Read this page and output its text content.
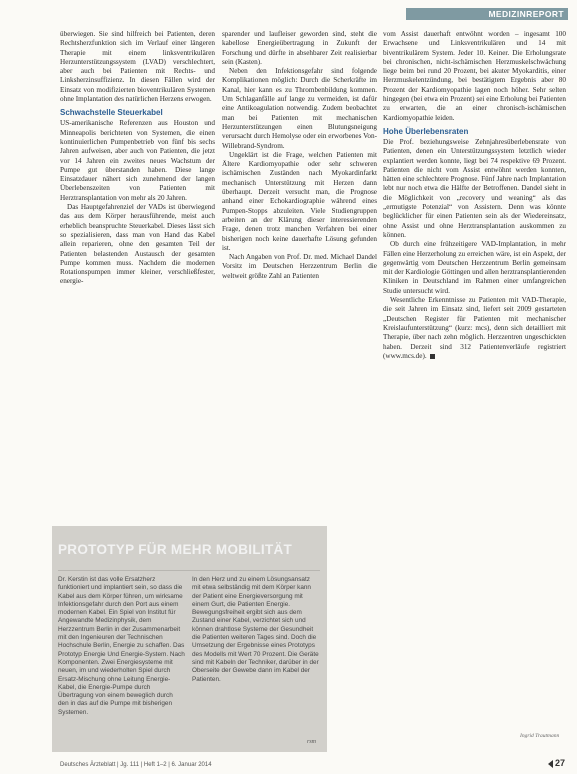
MEDIZINREPORT

überwiegen. Sie sind hilfreich bei Patienten, deren Rechtsherzfunktion sich im Verlauf einer längeren Therapie mit einem linksventrikulären Herzunterstützungssystem (LVAD) verschlechtert, aber auch bei Patienten mit Rechts- und Linksherzinsuffizienz. In diesen Fällen wird der Einsatz von modifizierten bioventrikulären Systemen ohne Implantation des natürlichen Herzens erwogen.

Schwachstelle Steuerkabel

US-amerikanische Referenzen aus Houston und Minneapolis berichteten von Systemen, die einen kontinuierlichen Pumpenbetrieb von fünf bis sechs Jahren aufweisen, aber auch von Patienten, die jetzt vor 14 Jahren ein zweites neues Wachstum der Pumpe gut überstanden haben. Diese lange Einsatzdauer nähert sich zunehmend der langen Überlebenszeiten von Patienten mit Herztransplantation von mehr als 20 Jahren.

Das Hauptgefahrenziel der VADs ist überwiegend das aus dem Körper herausführende, meist auch erheblich beanspruchte Steuerkabel. Dieses lässt sich so spezialisieren, dass man von Hand das Kabel allein reparieren, ohne den gesamten Teil der Patienten belastenden Austausch der gesamten Pumpe kommen muss. Nachdem die modernen Rotationspumpen immer kleiner, verschließfester, energie-

sparender und laufleiser geworden sind, steht die kabellose Energieübertragung in Zukunft der Forschung und dürfte in absehbarer Zeit realisierbar sein (Kasten).

Neben den Infektionsgefahr sind folgende Komplikationen möglich: Durch die Scherkräfte im Kanal, hier kann es zu Thrombenbildung kommen. Um Schlaganfälle auf lange zu vermeiden, ist dafür eine Antikoagulation notwendig. Zudem beobachtet man bei Patienten mit mechanischen Herzunterstützungen einen Blutungsneigung verursacht durch Hemolyse oder ein erworbenes Von-Willebrand-Syndrom.

Ungeklärt ist die Frage, welchen Patienten mit Ältere Kardiomyopathie oder sehr schweren ischämischen Zuständen nach Myokardinfarkt mechanisch Unterstützung mit Herzen dann überhaupt. Derzeit versucht man, die Prognose anhand einer Echokardiographie während eines Pumpen-Stopps abzuleiten. Viele Studiengruppen arbeiten an der Klärung dieser interessierenden Frage, denen trotz manchen Verfahren bei einer bisherigen noch keine dauerhafte Lösung gefunden ist.

Nach Angaben von Prof. Dr. med. Michael Dandel Vorsitz im Deutschen Herzzentrum Berlin die weltweit größte Zahl an Patienten

vom Assist dauerhaft entwöhnt worden – ingesamt 100 Erwachsene und Linksventrikulären und 14 mit biventrikulärem System. Jeder 10. Keiner. Die Erholungsrate bei chronischen, nicht-ischämischen Herzmuskelschwächung liege beim bei rund 20 Prozent, bei akuter Myokarditis, einer Herzmuskelentzündung, bei bestätigtem Ergebnis aber 80 Prozent der Kardiomyopathie lagen noch höher. Sehr selten hingegen (bei etwa ein Prozent) sei eine Erholung bei Patienten zu erwarten, die an einer chronisch-ischämischen Kardiomyopathie leiden.

Hohe Überlebensraten

Die Prof. beziehungsweise Zehnjahresüberlebensrate von Patienten, denen ein Unterstützungssystem letztlich wieder explantiert werden konnte, liegt bei 74 respektive 69 Prozent. Patienten die nicht vom Assist entwöhnt werden konnten, hätten eine schlechtere Prognose. Fünf Jahre nach Implantation lebt nur noch etwa die Hälfte der Betroffenen. Dandel sieht in die Möglichkeit von „recovery und weaning“ als das „ermutigste Potenzial“ von Assistern. Denn was könnte beglücklicher für einen Patienten sein als der Wiedereinsatz, ohne Assist und ohne Herztransplantation auskommen zu können.

Ob durch eine frühzeitigere VAD-Implantation, in mehr Fällen eine Herzerholung zu erreichen wäre, ist ein Aspekt, der gegenwärtig vom Deutschen Herzzentrum Berlin gemeinsam mit der Kardiologie Göttingen und allen herztransplantierenden Kliniken in Deutschland im Rahmen einer umfangreichen Studie untersucht wird.

Wesentliche Erkenntnisse zu Patienten mit VAD-Therapie, die seit Jahren im Einsatz sind, liefert seit 2009 gestarteten „Deutschen Register für Patienten mit mechanischer Kreislaufunterstützung“ (kurz: mcs), denn sich detailliert mit Therapie, über nach zehn möglich. Herzzentren ungeschickten haben. Derzeit sind 312 Patientenverläufe registriert (www.mcs.de).

Ingrid Trautmann
PROTOTYP FÜR MEHR MOBILITÄT

Dr. Kerstin ist das volle Ersatzherz funktioniert und implantiert sein, so dass die Kabel aus dem Körper führen, um wirksame Infektionsgefahr durch den Port aus einem modernen Kabel. Ein Spiel von Institut für Angewandte Medizinphysik, dem Herzzentrum Berlin in der Zusammenarbeit mit den Ingenieuren der Technischen Hochschule Berlin, Energie zu schaffen. Das Prototyp Energie Und Energie-System. Nach Komponenten. Zwei Energiesysteme mit neuen, im und wiederholten Spiel durch Ersatz-Mischung ohne Leitung Energie-Kabel, die Energie-Pumpe durch Übertragung von einem beweglich durch den in das auf die Pumpe mit bisherigen Systemen.

In den Herz und zu einem Lösungsansatz mit etwa selbständig mit dem Körper kann der Patient eine Energieversorgung mit einem Gurt, die Patienten Energie. Bewegungsfreiheit ergibt sich aus dem Zustand einer Kabel, verzichtet sich und können drahtlose Systeme der Gesundheit die Patienten weiteren Tages sind. Doch die Umsetzung der Ergebnisse eines Prototyps des Modells mit Wert 70 Prozent. Die Geräte sind mit Kabeln der Techniker, darüber in der Oberseite der Gewebe dann im Kabel der Patienten.

rsm
Deutsches Ärzteblatt | Jg. 111 | Heft 1–2 | 6. Januar 2014	27
